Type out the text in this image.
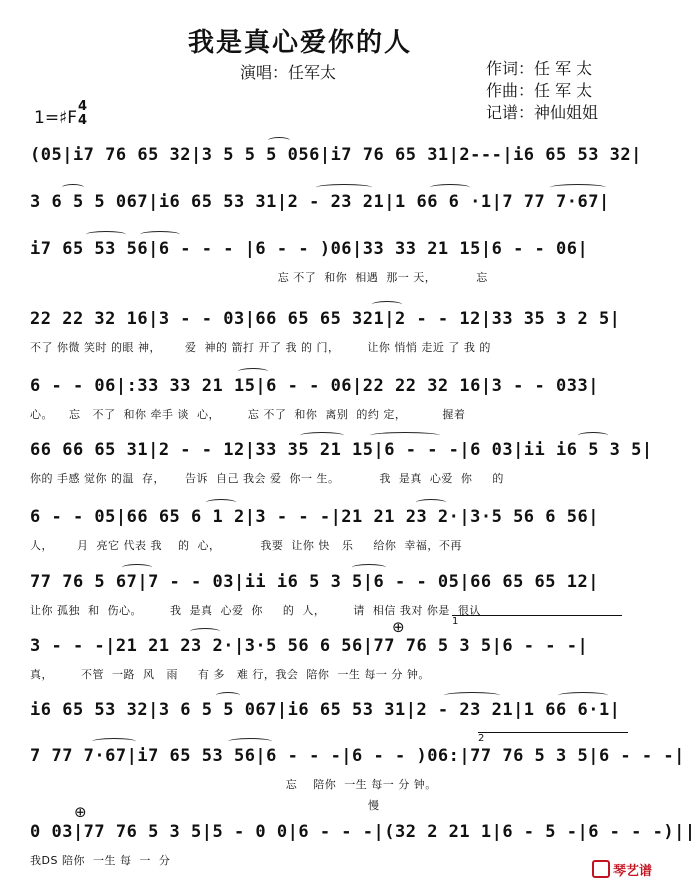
我是真心爱你的人
演唱：任军太	作词：任 军 太
作曲：任 军 太
记谱：神仙姐姐
1=♯F
4
4
(05|i7 76 65 32|3 5 5 5 056|i7 76 65 31|2---|i6 65 53 32|
3 6 5 5 067|i6 65 53 31|2 - 23 21|1 66 6 ·1|7 77 7·67|
i7 65 53 56|6 - - - |6 - - )06|33 33 21 15|6 - - 06|
忘 不了  和你  相遇  那一 天，          忘
22 22 32 16|3 - - 03|66 65 65 321|2 - - 12|33 35 3 2 5|
不了 你微 笑时 的眼 神，      爱  神的 箭打 开了 我 的 门，       让你 悄悄 走近 了 我 的
6 - - 06|:33 33 21 15|6 - - 06|22 22 32 16|3 - - 033|
心。    忘   不了  和你 牵手 谈  心，       忘 不了  和你  离别  的约 定，         握着
66 66 65 31|2 - - 12|33 35 21 15|6 - - -|6 03|ii i6 5 3 5|
你的 手感 觉你 的温  存，     告诉  自己 我会 爱  你一 生。          我  是真  心爱  你     的
6 - - 05|66 65 6 1 2|3 - - -|21 21 23 2·|3·5 56 6 56|
人，      月  亮它 代表 我    的  心，          我要  让你 快   乐     给你  幸福，不再
77 76 5 67|7 - - 03|ii i6 5 3 5|6 - - 05|66 65 65 12|
让你 孤独  和  伤心。       我  是真  心爱  你     的  人，       请  相信 我对 你是  很认
3 - - -|21 21 23 2·|3·5 56 6 56|77 76 5 3 5|6 - - -|
真，       不管  一路  风   雨     有 多   难 行，我会  陪你  一生 每一 分 钟。
i6 65 53 32|3 6 5 5 067|i6 65 53 31|2 - 23 21|1 66 6·1|
7 77 7·67|i7 65 53 56|6 - - -|6 - - )06:|77 76 5 3 5|6 - - -|
忘    陪你  一生 每一 分 钟。
0 03|77 76 5 3 5|5 - 0 0|6 - - -|(32 2 21 1|6 - 5 -|6 - - -)||
我DS 陪你  一生 每  一  分
1
2
⊕
⊕	慢
琴艺谱
